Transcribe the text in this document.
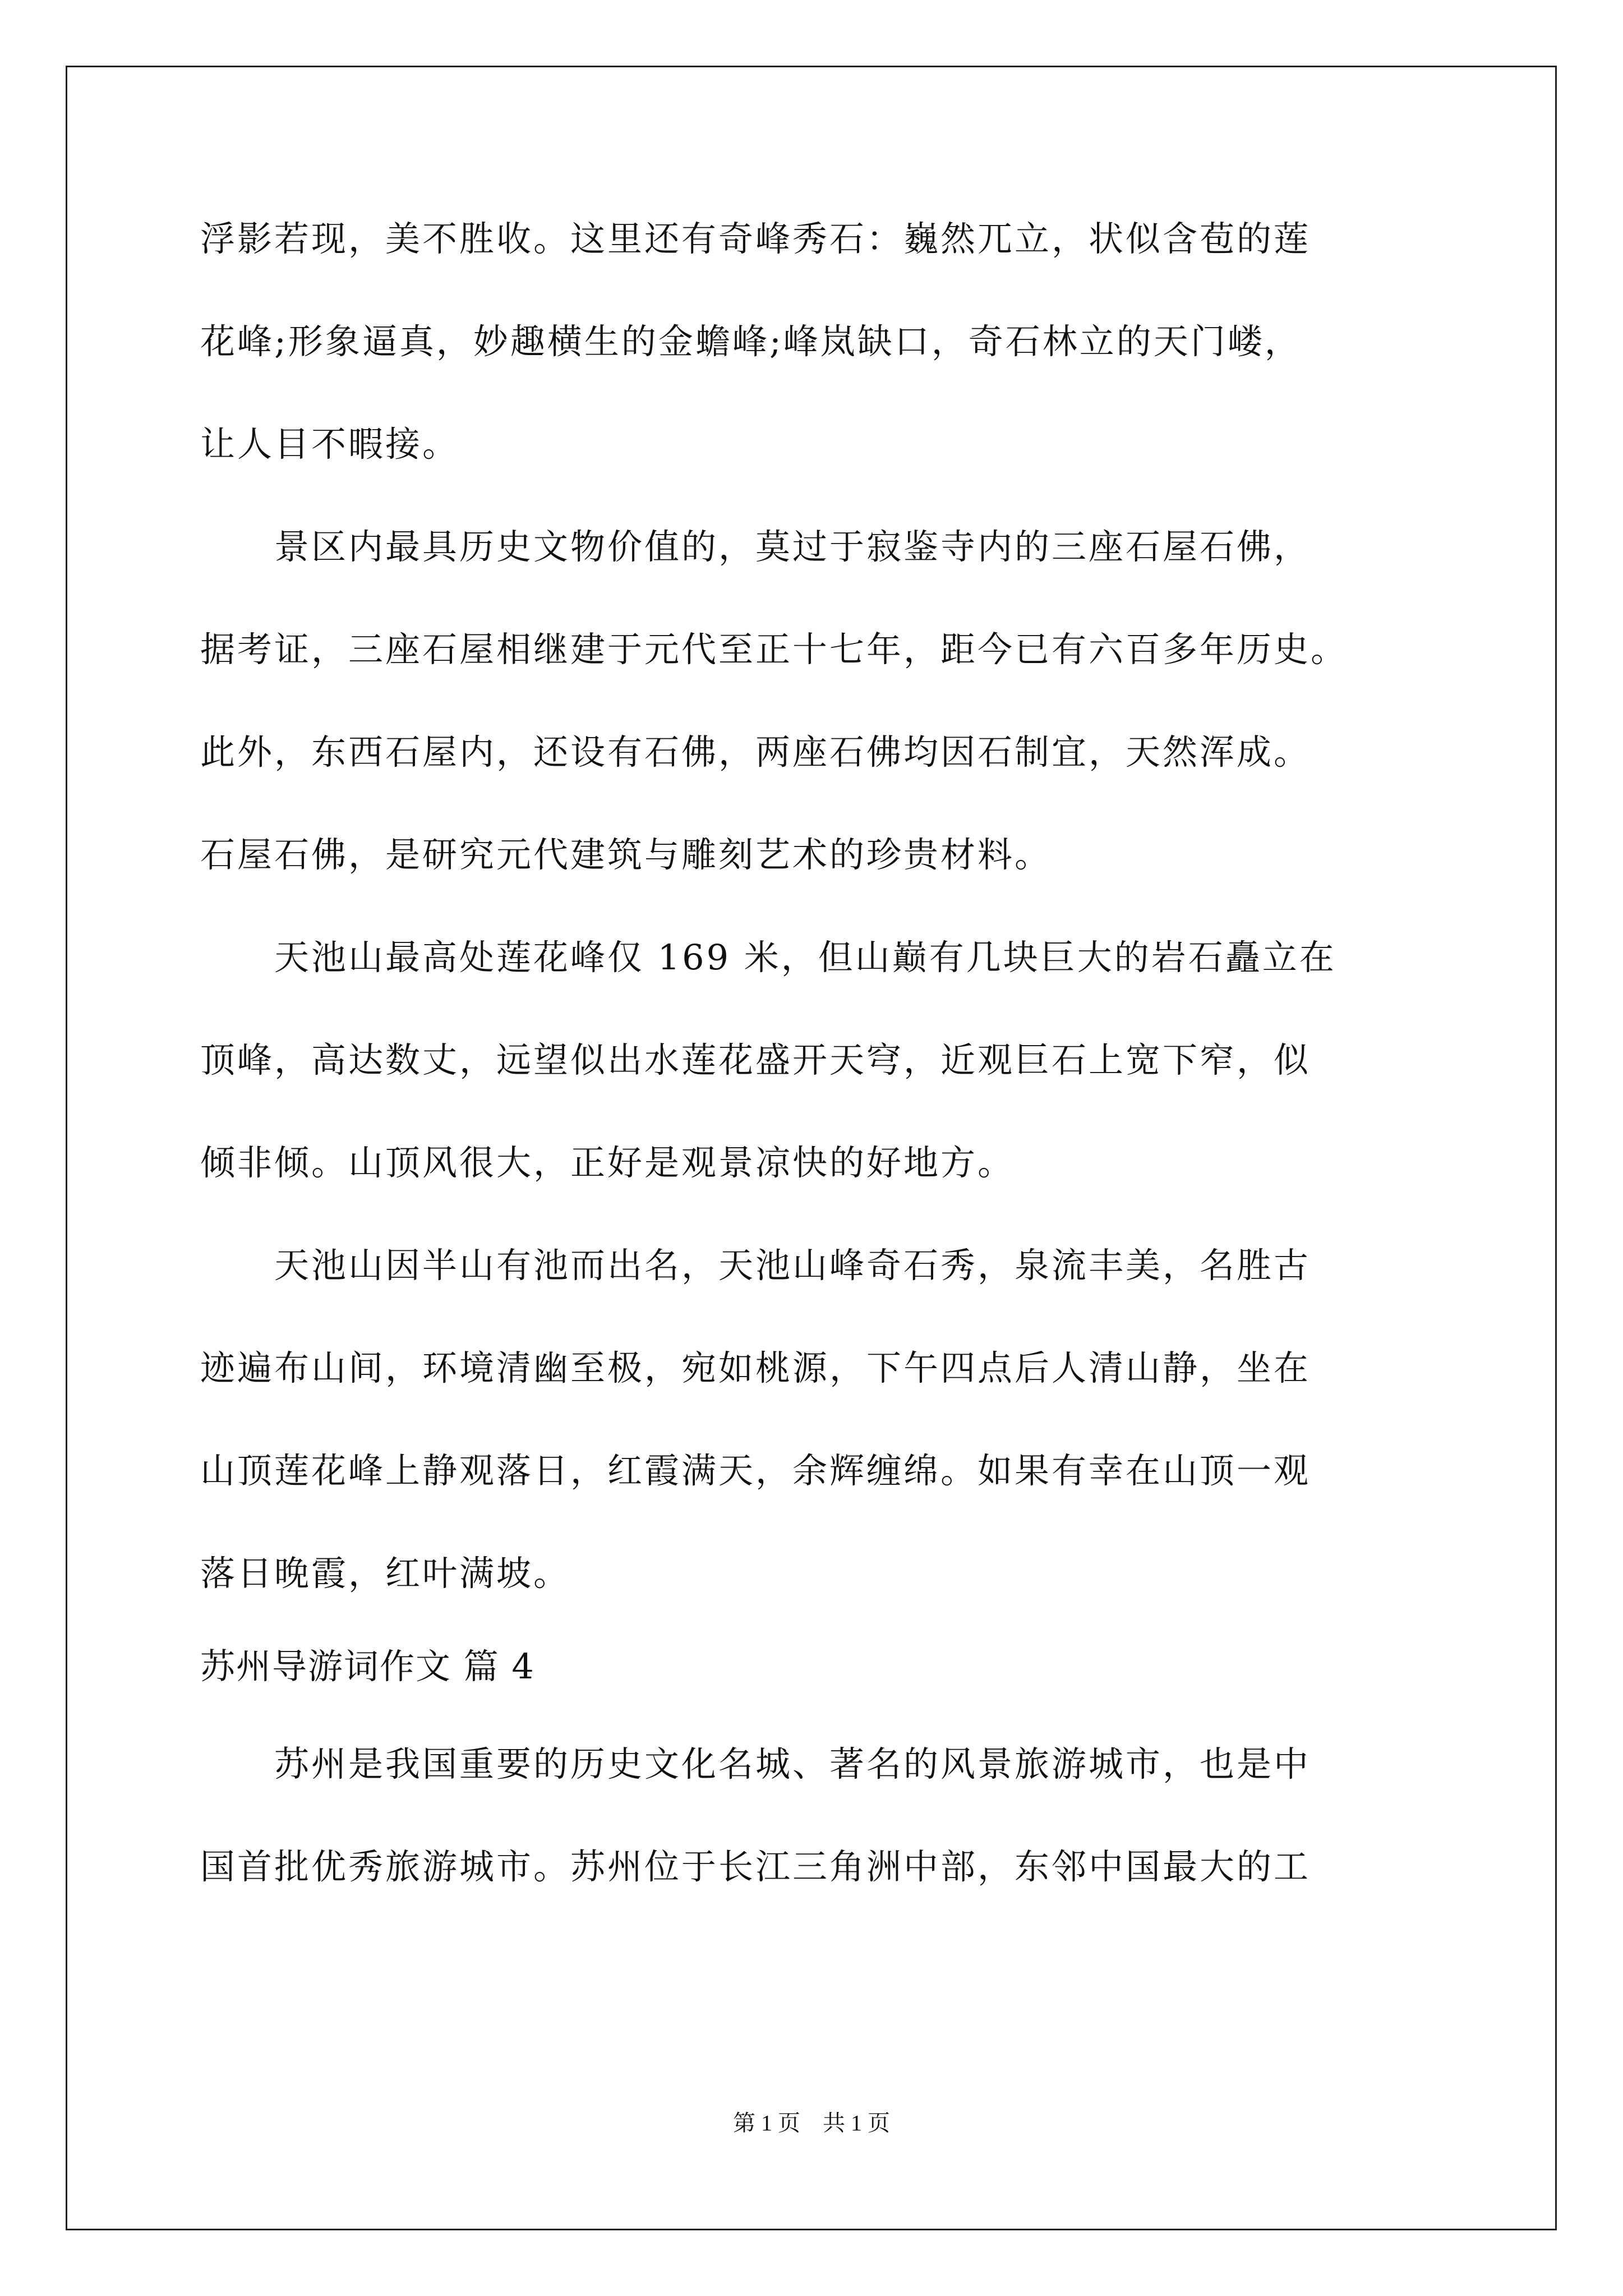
浮影若现，美不胜收。这里还有奇峰秀石：巍然兀立，状似含苞的莲

花峰;形象逼真，妙趣横生的金蟾峰;峰岚缺口，奇石林立的天门嵝，

让人目不暇接。

　　景区内最具历史文物价值的，莫过于寂鉴寺内的三座石屋石佛，

据考证，三座石屋相继建于元代至正十七年，距今已有六百多年历史。

此外，东西石屋内，还设有石佛，两座石佛均因石制宜，天然浑成。

石屋石佛，是研究元代建筑与雕刻艺术的珍贵材料。

　　天池山最高处莲花峰仅 169 米，但山巅有几块巨大的岩石矗立在

顶峰，高达数丈，远望似出水莲花盛开天穹，近观巨石上宽下窄，似

倾非倾。山顶风很大，正好是观景凉快的好地方。

　　天池山因半山有池而出名，天池山峰奇石秀，泉流丰美，名胜古

迹遍布山间，环境清幽至极，宛如桃源，下午四点后人清山静，坐在

山顶莲花峰上静观落日，红霞满天，余辉缠绵。如果有幸在山顶一观

落日晚霞，红叶满坡。

苏州导游词作文 篇 4

　　苏州是我国重要的历史文化名城、著名的风景旅游城市，也是中

国首批优秀旅游城市。苏州位于长江三角洲中部，东邻中国最大的工

第 1 页　共 1 页
